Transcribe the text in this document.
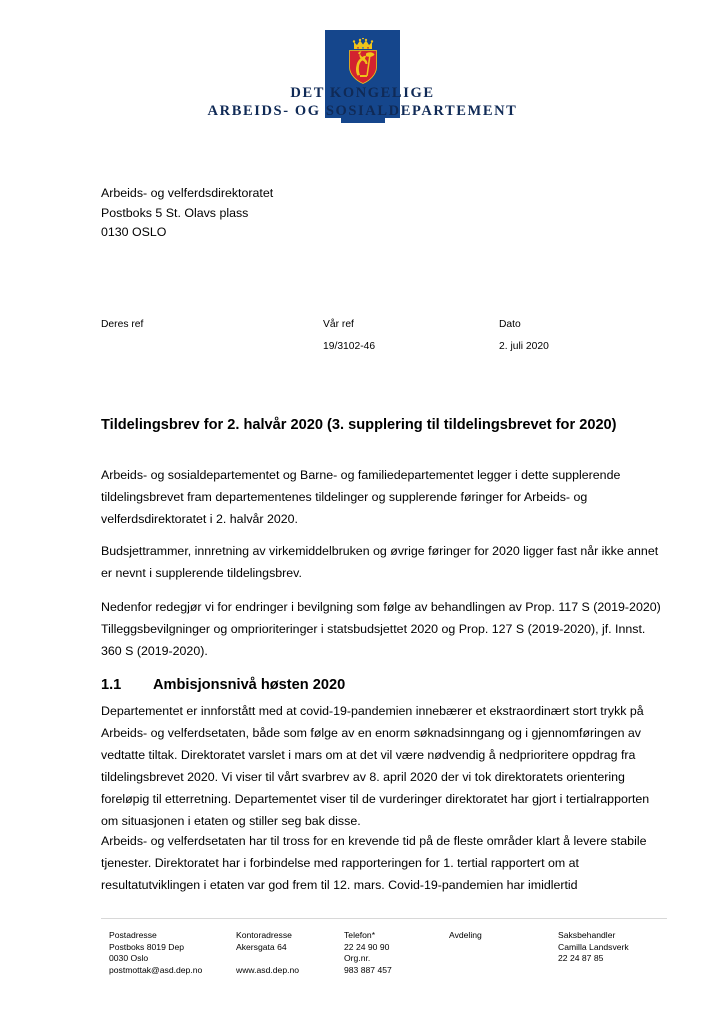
DET KONGELIGE
ARBEIDS- OG SOSIALDEPARTEMENT
Arbeids- og velferdsdirektoratet
Postboks 5 St. Olavs plass
0130 OSLO
Deres ref	Vår ref
19/3102-46
Dato
2. juli 2020
Tildelingsbrev for 2. halvår 2020 (3. supplering til tildelingsbrevet for 2020)
Arbeids- og sosialdepartementet og Barne- og familiedepartementet legger i dette supplerende tildelingsbrevet fram departementenes tildelinger og supplerende føringer for Arbeids- og velferdsdirektoratet i 2. halvår 2020.
Budsjettrammer, innretning av virkemiddelbruken og øvrige føringer for 2020 ligger fast når ikke annet er nevnt i supplerende tildelingsbrev.
Nedenfor redegjør vi for endringer i bevilgning som følge av behandlingen av Prop. 117 S (2019-2020) Tilleggsbevilgninger og omprioriteringer i statsbudsjettet 2020 og Prop. 127 S (2019-2020), jf. Innst. 360 S (2019-2020).
1.1 Ambisjonsnivå høsten 2020
Departementet er innforstått med at covid-19-pandemien innebærer et ekstraordinært stort trykk på Arbeids- og velferdsetaten, både som følge av en enorm søknadsinngang og i gjennomføringen av vedtatte tiltak. Direktoratet varslet i mars om at det vil være nødvendig å nedprioritere oppdrag fra tildelingsbrevet 2020. Vi viser til vårt svarbrev av 8. april 2020 der vi tok direktoratets orientering foreløpig til etterretning. Departementet viser til de vurderinger direktoratet har gjort i tertialrapporten om situasjonen i etaten og stiller seg bak disse.
Arbeids- og velferdsetaten har til tross for en krevende tid på de fleste områder klart å levere stabile tjenester. Direktoratet har i forbindelse med rapporteringen for 1. tertial rapportert om at resultatutviklingen i etaten var god frem til 12. mars. Covid-19-pandemien har imidlertid
Postadresse
Postboks 8019 Dep
0030 Oslo
postmottak@asd.dep.no
Kontoradresse
Akersgata 64
www.asd.dep.no
Telefon*
22 24 90 90
Org.nr.
983 887 457
Avdeling	Saksbehandler
Camilla Landsverk
22 24 87 85
